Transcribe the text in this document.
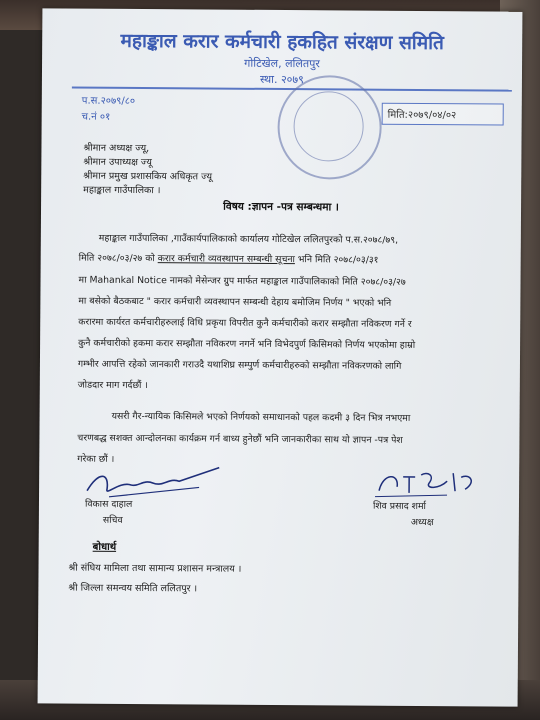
महाङ्काल करार कर्मचारी हकहित संरक्षण समिति
गोटिखेल, ललितपुर
स्था. २०७९
प.स.२०७९/८०
च.नं ०१	मिति:२०७९/०४/०२
श्रीमान अध्यक्ष ज्यू,
श्रीमान उपाध्यक्ष ज्यू
श्रीमान प्रमुख प्रशासकिय अधिकृत ज्यू
महाङ्काल गाउँपालिका ।
विषय :ज्ञापन -पत्र सम्बन्धमा ।
महाङ्काल गाउँपालिका ,गाउँकार्यपालिकाको कार्यालय गोटिखेल ललितपुरको प.स.२०७८/७९,
मिति २०७८/०३/२७ को करार कर्मचारी व्यवस्थापन सम्बन्धी सूचना भनि मिति २०७८/०३/३१
मा Mahankal Notice नामको मेसेन्जर ग्रुप मार्फत महाङ्काल गाउँपालिकाको मिति २०७८/०३/२७
मा बसेको बैठकबाट " करार कर्मचारी व्यवस्थापन सम्बन्धी देहाय बमोजिम निर्णय " भएको भनि
करारमा कार्यरत कर्मचारीहरुलाई विधि प्रकृया विपरीत कुनै कर्मचारीको करार सम्झौता नविकरण गर्ने र
कुनै कर्मचारीको हकमा करार सम्झौता नविकरण नगर्ने भनि विभेदपुर्ण किसिमको निर्णय भएकोमा हाम्रो
गम्भीर आपत्ति रहेको जानकारी गराउदै यथाशिघ्र सम्पुर्ण कर्मचारीहरुको सम्झौता नविकरणको लागि
जोडदार माग गर्दछौं ।
यसरी गैर-न्यायिक किसिमले भएको निर्णयको समाधानको पहल कदमी ३ दिन भित्र नभएमा
चरणबद्ध सशक्त आन्दोलनका कार्यक्रम गर्न बाध्य हुनेछौं भनि जानकारीका साथ यो ज्ञापन -पत्र पेश
गरेका छौं ।
विकास दाहाल
सचिव
शिव प्रसाद शर्मा
अध्यक्ष
बोधार्थ
श्री संघिय मामिला तथा सामान्य प्रशासन मन्त्रालय ।
श्री जिल्ला समन्वय समिति ललितपुर ।
